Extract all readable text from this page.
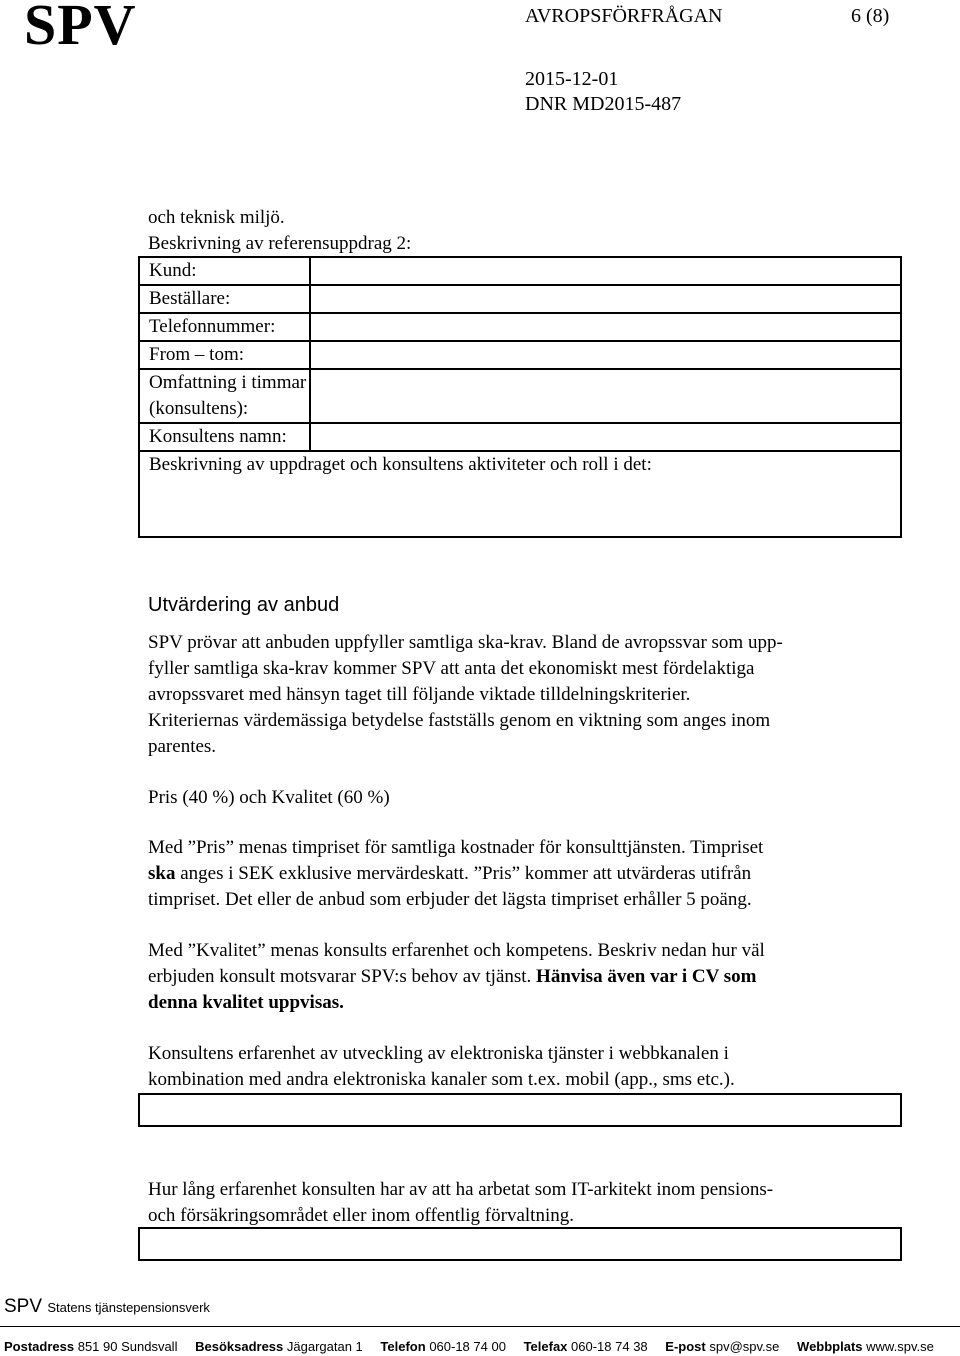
SPV	AVROPSFÖRFRÅGAN	6 (8)
2015-12-01
DNR MD2015-487
och teknisk miljö.
Beskrivning av referensuppdrag 2:
Kund:	
Beställare:	
Telefonnummer:	
From – tom:	
Omfattning i timmar (konsultens):	
Konsultens namn:	
Beskrivning av uppdraget och konsultens aktiviteter och roll i det:	
Utvärdering av anbud
SPV prövar att anbuden uppfyller samtliga ska-krav. Bland de avropssvar som upp-
fyller samtliga ska-krav kommer SPV att anta det ekonomiskt mest fördelaktiga
avropssvaret med hänsyn taget till följande viktade tilldelningskriterier.
Kriteriernas värdemässiga betydelse fastställs genom en viktning som anges inom
parentes.
Pris (40 %) och Kvalitet (60 %)
Med ”Pris” menas timpriset för samtliga kostnader för konsulttjänsten. Timpriset
ska anges i SEK exklusive mervärdeskatt. ”Pris” kommer att utvärderas utifrån
timpriset. Det eller de anbud som erbjuder det lägsta timpriset erhåller 5 poäng.
Med ”Kvalitet” menas konsults erfarenhet och kompetens. Beskriv nedan hur väl
erbjuden konsult motsvarar SPV:s behov av tjänst. Hänvisa även var i CV som
denna kvalitet uppvisas.
Konsultens erfarenhet av utveckling av elektroniska tjänster i webbkanalen i
kombination med andra elektroniska kanaler som t.ex. mobil (app., sms etc.).
Hur lång erfarenhet konsulten har av att ha arbetat som IT-arkitekt inom pensions-
och försäkringsområdet eller inom offentlig förvaltning.
SPV Statens tjänstepensionsverk
Postadress 851 90 Sundsvall Besöksadress Jägargatan 1 Telefon 060-18 74 00 Telefax 060-18 74 38 E-post spv@spv.se Webbplats www.spv.se
